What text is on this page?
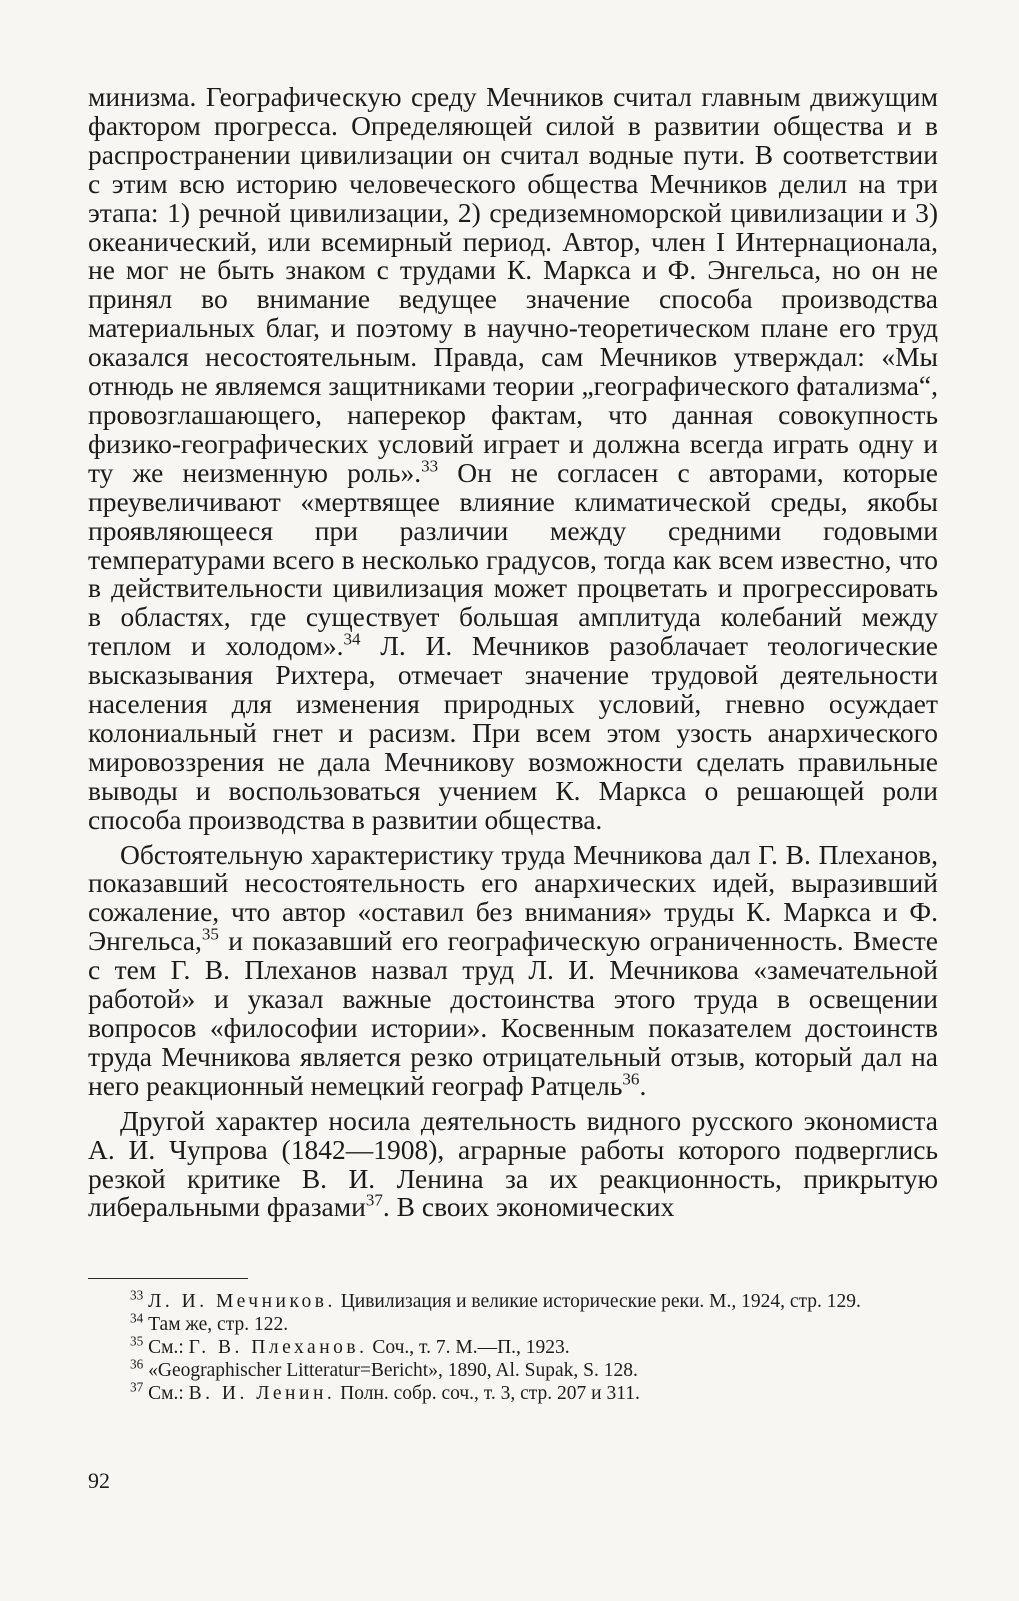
минизма. Географическую среду Мечников считал главным движущим фактором прогресса. Определяющей силой в развитии общества и в распространении цивилизации он считал водные пути. В соответствии с этим всю историю человеческого общества Мечников делил на три этапа: 1) речной цивилизации, 2) средиземноморской цивилизации и 3) океанический, или всемирный период. Автор, член I Интернационала, не мог не быть знаком с трудами К. Маркса и Ф. Энгельса, но он не принял во внимание ведущее значение способа производства материальных благ, и поэтому в научно-теоретическом плане его труд оказался несостоятельным. Правда, сам Мечников утверждал: «Мы отнюдь не являемся защитниками теории „географического фатализма“, провозглашающего, наперекор фактам, что данная совокупность физико-географических условий играет и должна всегда играть одну и ту же неизменную роль».$^{33}$ Он не согласен с авторами, которые преувеличивают «мертвящее влияние климатической среды, якобы проявляющееся при различии между средними годовыми температурами всего в несколько градусов, тогда как всем известно, что в действительности цивилизация может процветать и прогрессировать в областях, где существует большая амплитуда колебаний между теплом и холодом».$^{34}$ Л. И. Мечников разоблачает теологические высказывания Рихтера, отмечает значение трудовой деятельности населения для изменения природных условий, гневно осуждает колониальный гнет и расизм. При всем этом узость анархического мировоззрения не дала Мечникову возможности сделать правильные выводы и воспользоваться учением К. Маркса о решающей роли способа производства в развитии общества.

Обстоятельную характеристику труда Мечникова дал Г. В. Плеханов, показавший несостоятельность его анархических идей, выразивший сожаление, что автор «оставил без внимания» труды К. Маркса и Ф. Энгельса,$^{35}$ и показавший его географическую ограниченность. Вместе с тем Г. В. Плеханов назвал труд Л. И. Мечникова «замечательной работой» и указал важные достоинства этого труда в освещении вопросов «философии истории». Косвенным показателем достоинств труда Мечникова является резко отрицательный отзыв, который дал на него реакционный немецкий географ Ратцель$^{36}$.

Другой характер носила деятельность видного русского экономиста А. И. Чупрова (1842—1908), аграрные работы которого подверглись резкой критике В. И. Ленина за их реакционность, прикрытую либеральными фразами$^{37}$. В своих экономических

$^{33}$ Л. И. Мечников. Цивилизация и великие исторические реки. М., 1924, стр. 129.

$^{34}$ Там же, стр. 122.

$^{35}$ См.: Г. В. Плеханов. Соч., т. 7. М.—П., 1923.

$^{36}$ «Geographischer Litteratur=Bericht», 1890, Al. Supak, S. 128.

$^{37}$ См.: В. И. Ленин. Полн. собр. соч., т. 3, стр. 207 и 311.

92
